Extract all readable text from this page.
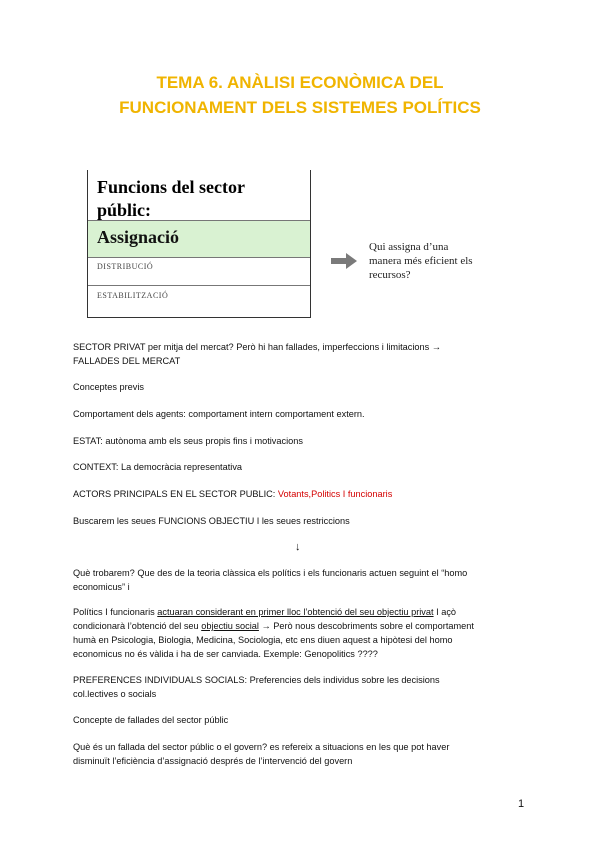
TEMA 6. ANÀLISI ECONÒMICA DEL
FUNCIONAMENT DELS SISTEMES POLÍTICS
Funcions del sector
públic:
Assignació
DISTRIBUCIÓ
ESTABILITZACIÓ
Qui assigna d’una
manera més eficient els
recursos?
SECTOR PRIVAT per mitja del mercat? Però hi han fallades, imperfeccions i limitacions →
FALLADES DEL MERCAT
Conceptes previs
Comportament dels agents: comportament intern comportament extern.
ESTAT: autònoma amb els seus propis fins i motivacions
CONTEXT: La democràcia representativa
ACTORS PRINCIPALS EN EL SECTOR PUBLIC: Votants,Politics I funcionaris
Buscarem les seues FUNCIONS OBJECTIU I les seues restriccions
↓
Què trobarem? Que des de la teoria clàssica els polítics i els funcionaris actuen seguint el “homo
economicus” i
Polítics I funcionaris actuaran considerant en primer lloc l’obtenció del seu objectiu privat I açò
condicionarà l’obtenció del seu objectiu social → Però nous descobriments sobre el comportament
humà en Psicologia, Biologia, Medicina, Sociologia, etc ens diuen aquest a hipòtesi del homo
economicus no és vàlida i ha de ser canviada. Exemple: Genopolitics ????
PREFERENCES INDIVIDUALS SOCIALS: Preferencies dels individus sobre les decisions
col.lectives o socials
Concepte de fallades del sector públic
Què és un fallada del sector públic o el govern? es refereix a situacions en les que pot haver
disminuït l’eficiència d’assignació després de l’intervenció del govern
1
